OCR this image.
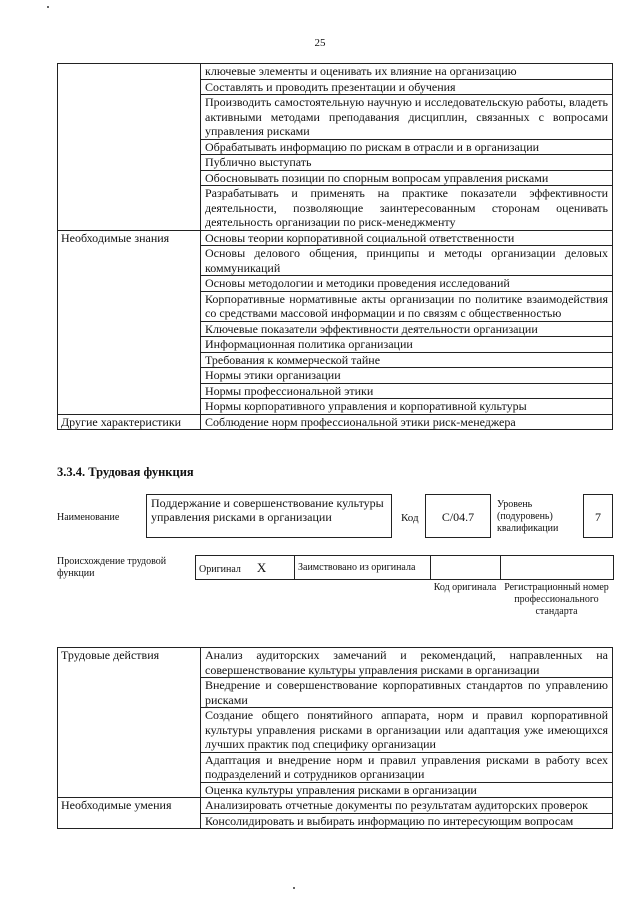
25
	ключевые элементы и оценивать их влияние на организацию
	Составлять и проводить презентации и обучения
	Производить самостоятельную научную и исследовательскую работы, владеть активными методами преподавания дисциплин, связанных с вопросами управления рисками
	Обрабатывать информацию по рискам в отрасли и в организации
	Публично выступать
	Обосновывать позиции по спорным вопросам управления рисками
	Разрабатывать и применять на практике показатели эффективности деятельности, позволяющие заинтересованным сторонам оценивать деятельность организации по риск-менеджменту
Необходимые знания	Основы теории корпоративной социальной ответственности
	Основы делового общения, принципы и методы организации деловых коммуникаций
	Основы методологии и методики проведения исследований
	Корпоративные нормативные акты организации по политике взаимодействия со средствами массовой информации и по связям с общественностью
	Ключевые показатели эффективности деятельности организации
	Информационная политика организации
	Требования к коммерческой тайне
	Нормы этики организации
	Нормы профессиональной этики
	Нормы корпоративного управления и корпоративной культуры
Другие характеристики	Соблюдение норм профессиональной этики риск-менеджера
3.3.4. Трудовая функция
Наименование
Поддержание и совершенствование культуры управления рисками в организации	Код	C/04.7
Уровень (подуровень) квалификации
7
Происхождение трудовой функции	Оригинал X	Заимствовано из оригинала		
Код оригинала Регистрационный номер профессионального стандарта
Трудовые действия	Анализ аудиторских замечаний и рекомендаций, направленных на совершенствование культуры управления рисками в организации
	Внедрение и совершенствование корпоративных стандартов по управлению рисками
	Создание общего понятийного аппарата, норм и правил корпоративной культуры управления рисками в организации или адаптация уже имеющихся лучших практик под специфику организации
	Адаптация и внедрение норм и правил управления рисками в работу всех подразделений и сотрудников организации
	Оценка культуры управления рисками в организации
Необходимые умения	Анализировать отчетные документы по результатам аудиторских проверок
	Консолидировать и выбирать информацию по интересующим вопросам
